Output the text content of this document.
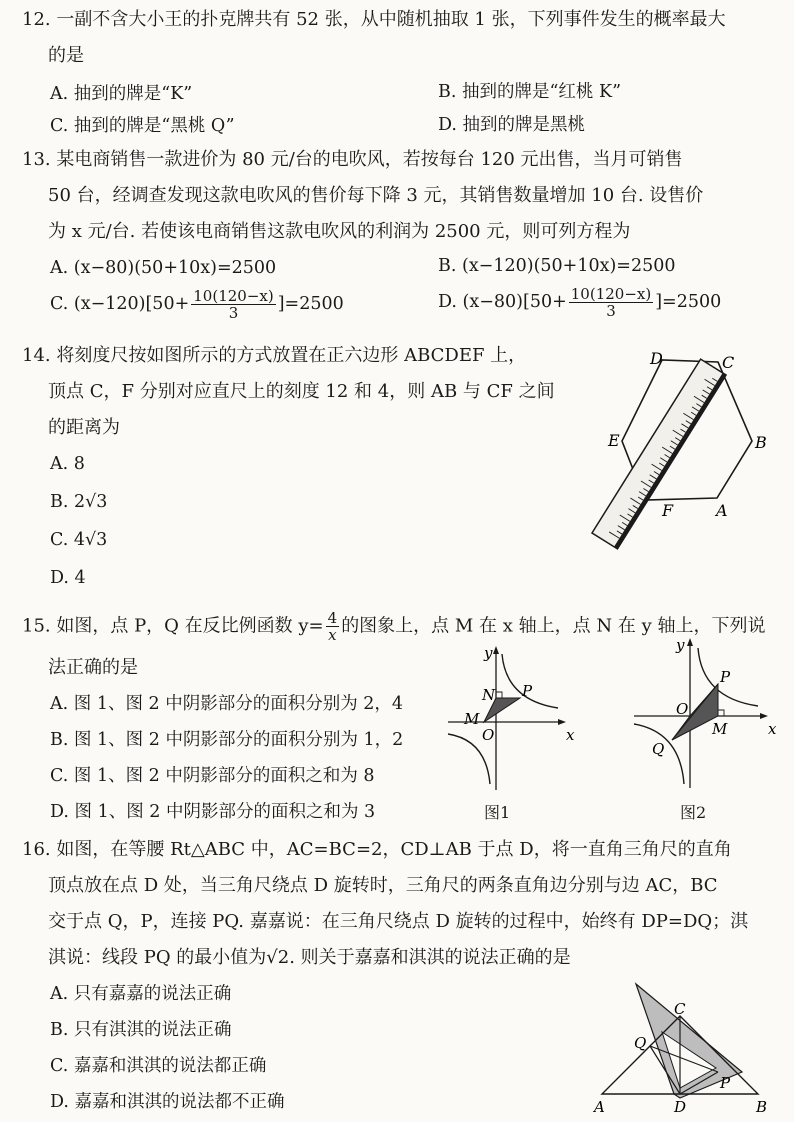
12. 一副不含大小王的扑克牌共有 52 张，从中随机抽取 1 张，下列事件发生的概率最大
的是
A. 抽到的牌是“K”	B. 抽到的牌是“红桃 K”
C. 抽到的牌是“黑桃 Q”	D. 抽到的牌是黑桃
13. 某电商销售一款进价为 80 元/台的电吹风，若按每台 120 元出售，当月可销售
50 台，经调查发现这款电吹风的售价每下降 3 元，其销售数量增加 10 台. 设售价
为 x 元/台. 若使该电商销售这款电吹风的利润为 2500 元，则可列方程为
A. (x−80)(50+10x)=2500	B. (x−120)(50+10x)=2500
C. $(x-120)[50+ \frac{10(120-x)}{3} ]=2500$	D. $(x-80)[50+ \frac{10(120-x)}{3} ]=2500$
14. 将刻度尺按如图所示的方式放置在正六边形 ABCDEF 上，
顶点 C，F 分别对应直尺上的刻度 12 和 4，则 AB 与 CF 之间
的距离为
A. 8
B. 2√3
C. 4√3
D. 4
D	C
E	B
F	A
15. 如图，点 P，Q 在反比例函数 $y= \frac{4}{x}$ 的图象上，点 M 在 x 轴上，点 N 在 y 轴上，下列说
法正确的是
A. 图 1、图 2 中阴影部分的面积分别为 2，4
B. 图 1、图 2 中阴影部分的面积分别为 1，2
C. 图 1、图 2 中阴影部分的面积之和为 8
D. 图 1、图 2 中阴影部分的面积之和为 3
y
x
O
N P
M
图1
y
x
O
P
M
Q
图2
16. 如图，在等腰 Rt△ABC 中，AC=BC=2，CD⊥AB 于点 D，将一直角三角尺的直角
顶点放在点 D 处，当三角尺绕点 D 旋转时，三角尺的两条直角边分别与边 AC，BC
交于点 Q，P，连接 PQ. 嘉嘉说：在三角尺绕点 D 旋转的过程中，始终有 DP=DQ；淇
淇说：线段 PQ 的最小值为√2. 则关于嘉嘉和淇淇的说法正确的是
A. 只有嘉嘉的说法正确
B. 只有淇淇的说法正确
C. 嘉嘉和淇淇的说法都正确
D. 嘉嘉和淇淇的说法都不正确
C
Q
P
A	D	B
